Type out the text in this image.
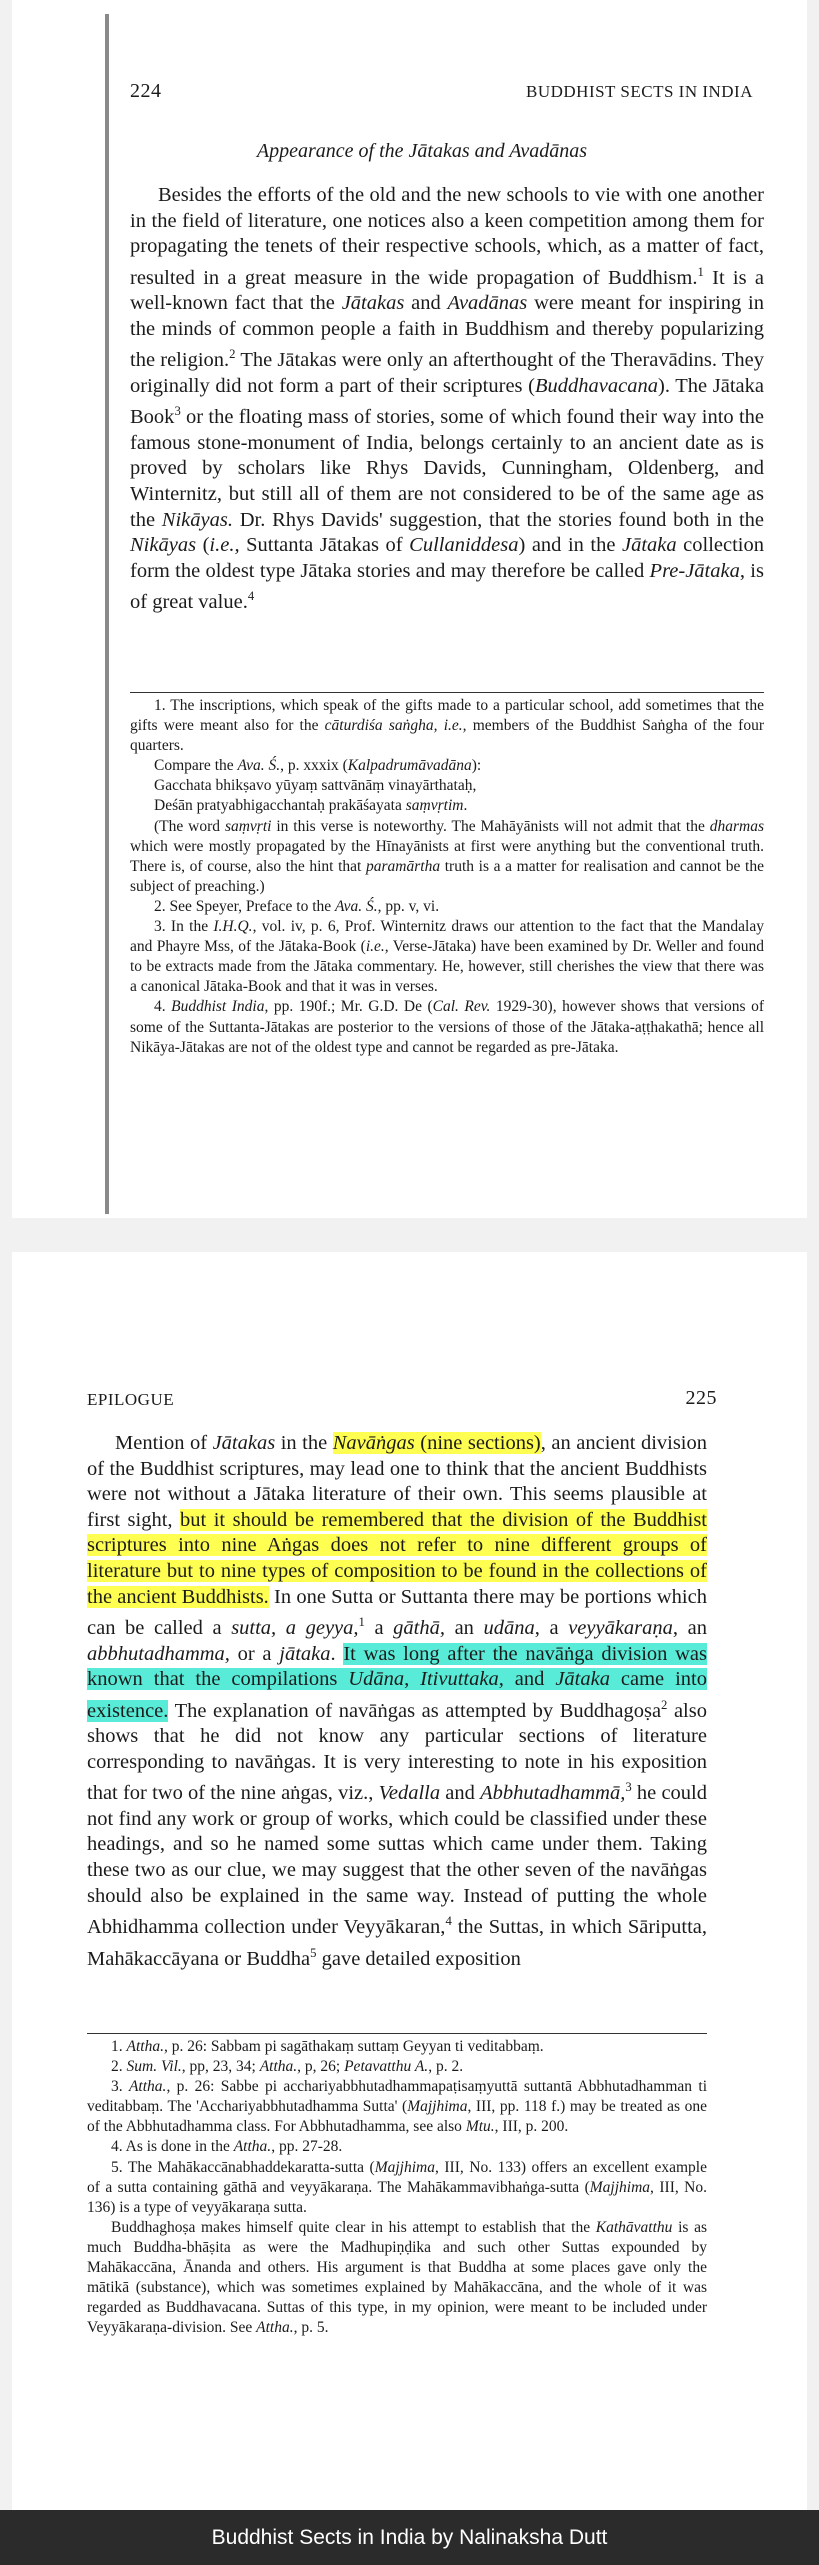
224	BUDDHIST SECTS IN INDIA
Appearance of the Jātakas and Avadānas

Besides the efforts of the old and the new schools to vie with one another in the field of literature, one notices also a keen competition among them for propagating the tenets of their respective schools, which, as a matter of fact, resulted in a great measure in the wide propagation of Buddhism.$^1$ It is a well-known fact that the Jātakas and Avadānas were meant for inspiring in the minds of common people a faith in Buddhism and thereby popularizing the religion.$^2$ The Jātakas were only an afterthought of the Theravādins. They originally did not form a part of their scriptures (Buddhavacana). The Jātaka Book$^3$ or the floating mass of stories, some of which found their way into the famous stone-monument of India, belongs certainly to an ancient date as is proved by scholars like Rhys Davids, Cunningham, Oldenberg, and Winternitz, but still all of them are not considered to be of the same age as the Nikāyas. Dr. Rhys Davids' suggestion, that the stories found both in the Nikāyas (i.e., Suttanta Jātakas of Cullaniddesa) and in the Jātaka collection form the oldest type Jātaka stories and may therefore be called Pre-Jātaka, is of great value.$^4$

1. The inscriptions, which speak of the gifts made to a particular school, add sometimes that the gifts were meant also for the cāturdiśa saṅgha, i.e., members of the Buddhist Saṅgha of the four quarters.

Compare the Ava. Ś., p. xxxix (Kalpadrumāvadāna):

Gacchata bhikṣavo yūyaṃ sattvānāṃ vinayārthataḥ,

Deśān pratyabhigacchantaḥ prakāśayata saṃvṛtim.

(The word saṃvṛti in this verse is noteworthy. The Mahāyānists will not admit that the dharmas which were mostly propagated by the Hīnayānists at first were anything but the conventional truth. There is, of course, also the hint that paramārtha truth is a a matter for realisation and cannot be the subject of preaching.)

2. See Speyer, Preface to the Ava. Ś., pp. v, vi.

3. In the I.H.Q., vol. iv, p. 6, Prof. Winternitz draws our attention to the fact that the Mandalay and Phayre Mss, of the Jātaka-Book (i.e., Verse-Jātaka) have been examined by Dr. Weller and found to be extracts made from the Jātaka commentary. He, however, still cherishes the view that there was a canonical Jātaka-Book and that it was in verses.

4. Buddhist India, pp. 190f.; Mr. G.D. De (Cal. Rev. 1929-30), however shows that versions of some of the Suttanta-Jātakas are posterior to the versions of those of the Jātaka-aṭṭhakathā; hence all Nikāya-Jātakas are not of the oldest type and cannot be regarded as pre-Jātaka.

EPILOGUE	225

Mention of Jātakas in the Navāṅgas (nine sections), an ancient division of the Buddhist scriptures, may lead one to think that the ancient Buddhists were not without a Jātaka literature of their own. This seems plausible at first sight, but it should be remembered that the division of the Buddhist scriptures into nine Aṅgas does not refer to nine different groups of literature but to nine types of composition to be found in the collections of the ancient Buddhists. In one Sutta or Suttanta there may be portions which can be called a sutta, a geyya,$^1$ a gāthā, an udāna, a veyyākaraṇa, an abbhutadhamma, or a jātaka. It was long after the navāṅga division was known that the compilations Udāna, Itivuttaka, and Jātaka came into existence. The explanation of navāṅgas as attempted by Buddhagoṣa$^2$ also shows that he did not know any particular sections of literature corresponding to navāṅgas. It is very interesting to note in his exposition that for two of the nine aṅgas, viz., Vedalla and Abbhutadhammā,$^3$ he could not find any work or group of works, which could be classified under these headings, and so he named some suttas which came under them. Taking these two as our clue, we may suggest that the other seven of the navāṅgas should also be explained in the same way. Instead of putting the whole Abhidhamma collection under Veyyākaran,$^4$ the Suttas, in which Sāriputta, Mahākaccāyana or Buddha$^5$ gave detailed exposition

1. Attha., p. 26: Sabbam pi sagāthakaṃ suttaṃ Geyyan ti veditabbaṃ.

2. Sum. Vil., pp, 23, 34; Attha., p, 26; Petavatthu A., p. 2.

3. Attha., p. 26: Sabbe pi acchariyabbhutadhammapaṭisaṃyuttā suttantā Abbhutadhamman ti veditabbaṃ. The 'Acchariyabbhutadhamma Sutta' (Majjhima, III, pp. 118 f.) may be treated as one of the Abbhutadhamma class. For Abbhutadhamma, see also Mtu., III, p. 200.

4. As is done in the Attha., pp. 27-28.

5. The Mahākaccānabhaddekaratta-sutta (Majjhima, III, No. 133) offers an excellent example of a sutta containing gāthā and veyyākaraṇa. The Mahākammavibhaṅga-sutta (Majjhima, III, No. 136) is a type of veyyākaraṇa sutta.

Buddhaghoṣa makes himself quite clear in his attempt to establish that the Kathāvatthu is as much Buddha-bhāṣita as were the Madhupiṇḍika and such other Suttas expounded by Mahākaccāna, Ānanda and others. His argument is that Buddha at some places gave only the mātikā (substance), which was sometimes explained by Mahākaccāna, and the whole of it was regarded as Buddhavacana. Suttas of this type, in my opinion, were meant to be included under Veyyākaraṇa-division. See Attha., p. 5.

Buddhist Sects in India by Nalinaksha Dutt
